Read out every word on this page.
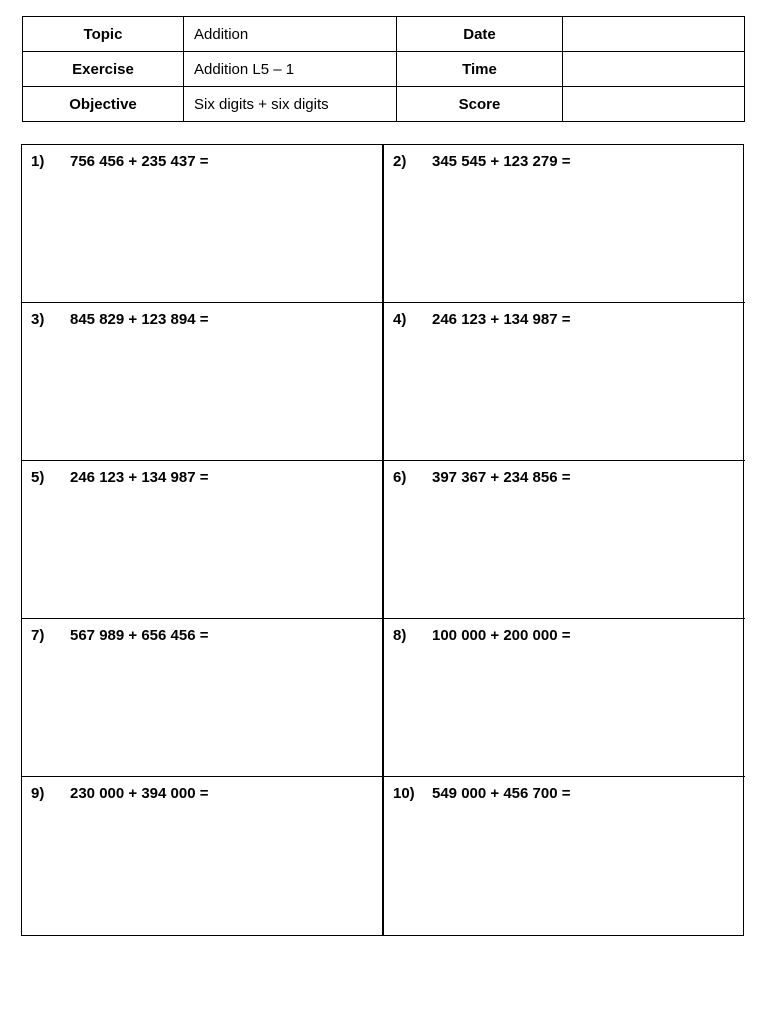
Topic	Addition	Date	
Exercise	Addition L5 – 1	Time	
Objective	Six digits + six digits	Score	
1) 756 456 + 235 437 =	2) 345 545 + 123 279 =
3) 845 829 + 123 894 =	4) 246 123 + 134 987 =
5) 246 123 + 134 987 =	6) 397 367 + 234 856 =
7) 567 989 + 656 456 =	8) 100 000 + 200 000 =
9) 230 000 + 394 000 =	10) 549 000 + 456 700 =
